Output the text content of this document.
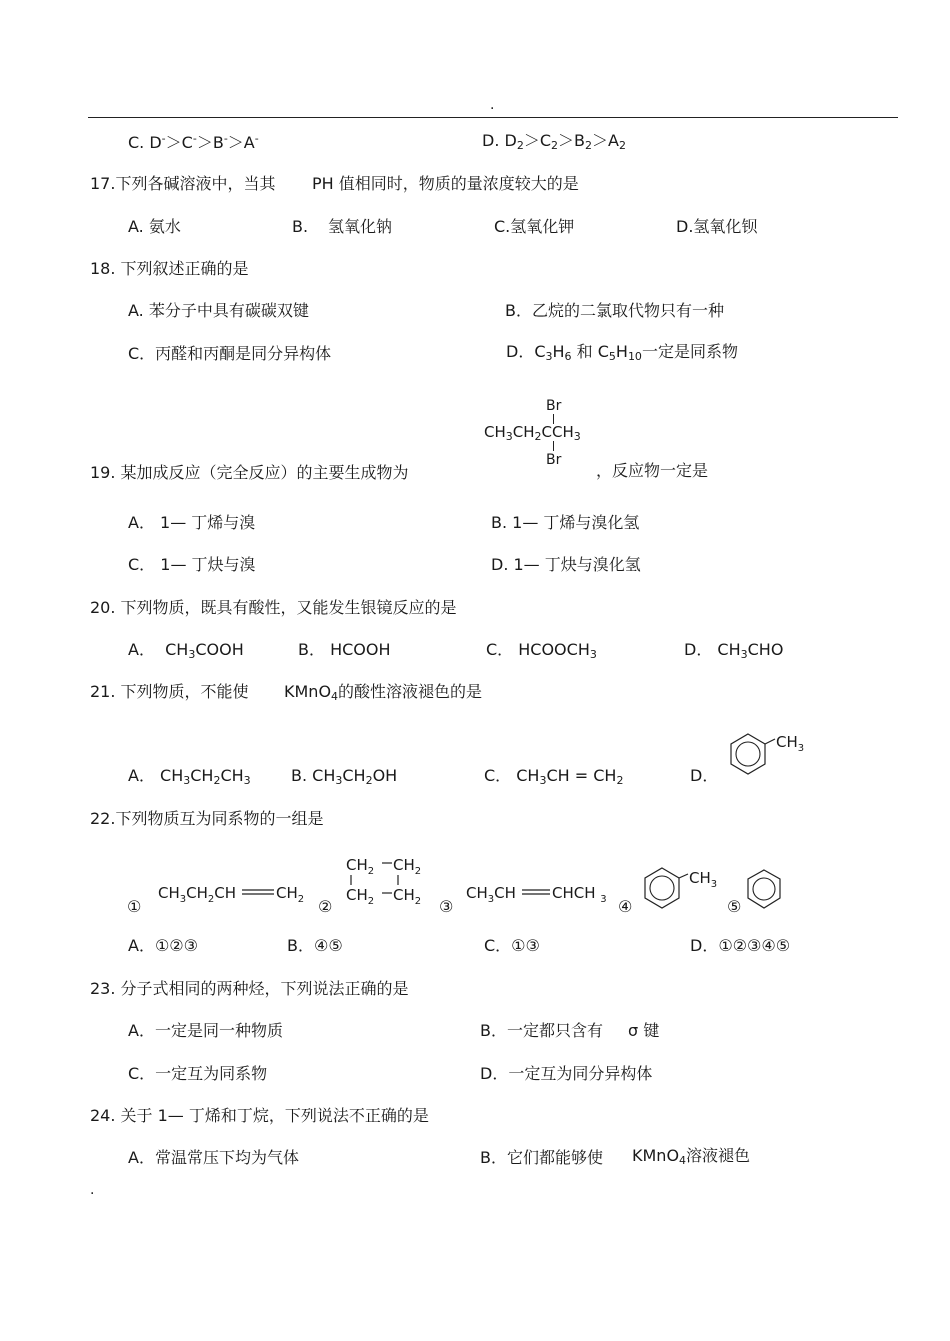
.
C. D-＞C-＞B-＞A-	D. $D_2>C_2>B_2>A_2$
17.下列各碱溶液中，当其 PH 值相同时，物质的量浓度较大的是
A. 氨水	B. 氢氧化钠	C.氢氧化钾	D.氢氧化钡
18. 下列叙述正确的是
A. 苯分子中具有碳碳双键	B．乙烷的二氯取代物只有一种
C．丙醛和丙酮是同分异构体	D．$C_3H_6$ 和 $C_5H_{10}$一定是同系物
Br
$CH_3CH_2CCH_3$
Br
19. 某加成反应（完全反应）的主要生成物为	，反应物一定是
A． 1— 丁烯与溴	B. 1— 丁烯与溴化氢
C． 1— 丁炔与溴	D. 1— 丁炔与溴化氢
20. 下列物质，既具有酸性，又能发生银镜反应的是
A． $CH_3COOH$	B． HCOOH	C． $HCOOCH_3$	D． $CH_3CHO$
21. 下列物质，不能使 KMnO$_4$的酸性溶液褪色的是
A． $CH_3CH_2CH_3$	B. $CH_3CH_2OH$	C． $CH_3CH = CH_2$	D．
$CH_3$
22.下列物质互为同系物的一组是
①
$CH_3CH_2CH$	$CH_2$ ②
$CH_2$ $CH_2$
$CH_2$ $CH_2$ ③
$CH_3CH$ CHCH $_3$ ④
$CH_3$
⑤
A．①②③	B．④⑤	C．①③	D．①②③④⑤
23. 分子式相同的两种烃，下列说法正确的是
A．一定是同一种物质	B．一定都只含有 σ 键
C．一定互为同系物	D．一定互为同分异构体
24. 关于 1— 丁烯和丁烷，下列说法不正确的是
A．常温常压下均为气体	B．它们都能够使 KMnO$_4$溶液褪色
.
